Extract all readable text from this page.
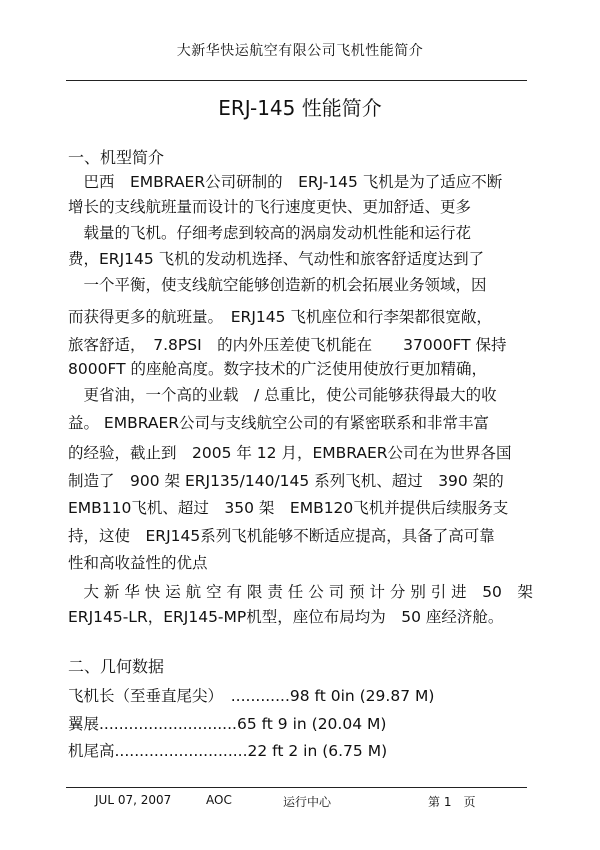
大新华快运航空有限公司飞机性能简介
ERJ-145 性能简介
一、机型简介
　巴西　EMBRAER公司研制的　ERJ-145 飞机是为了适应不断
增长的支线航班量而设计的飞行速度更快、更加舒适、更多
　载量的飞机。仔细考虑到较高的涡扇发动机性能和运行花
费，ERJ145 飞机的发动机选择、气动性和旅客舒适度达到了
　一个平衡，使支线航空能够创造新的机会拓展业务领域，因
而获得更多的航班量。　ERJ145 飞机座位和行李架都很宽敞，
旅客舒适，　7.8PSI　的内外压差使飞机能在　　37000FT 保持
8000FT 的座舱高度。数字技术的广泛使用使放行更加精确，
　更省油，一个高的业载　/ 总重比，使公司能够获得最大的收
益。 EMBRAER公司与支线航空公司的有紧密联系和非常丰富
的经验，截止到　2005 年 12 月，EMBRAER公司在为世界各国
制造了　900 架 ERJ135/140/145 系列飞机、超过　390 架的
EMB110飞机、超过　350 架　EMB120飞机并提供后续服务支
持，这使　ERJ145系列飞机能够不断适应提高，具备了高可靠
性和高收益性的优点
　大 新 华 快 运 航 空 有 限 责 任 公 司 预 计 分 别 引 进　50　架
ERJ145-LR，ERJ145-MP机型，座位布局均为　50 座经济舱。
二、几何数据
飞机长（至垂直尾尖）　............98 ft 0in (29.87 M)
翼展............................65 ft 9 in (20.04 M)
机尾高...........................22 ft 2 in (6.75 M)
JUL 07, 2007	AOC	运行中心	第 1　页
